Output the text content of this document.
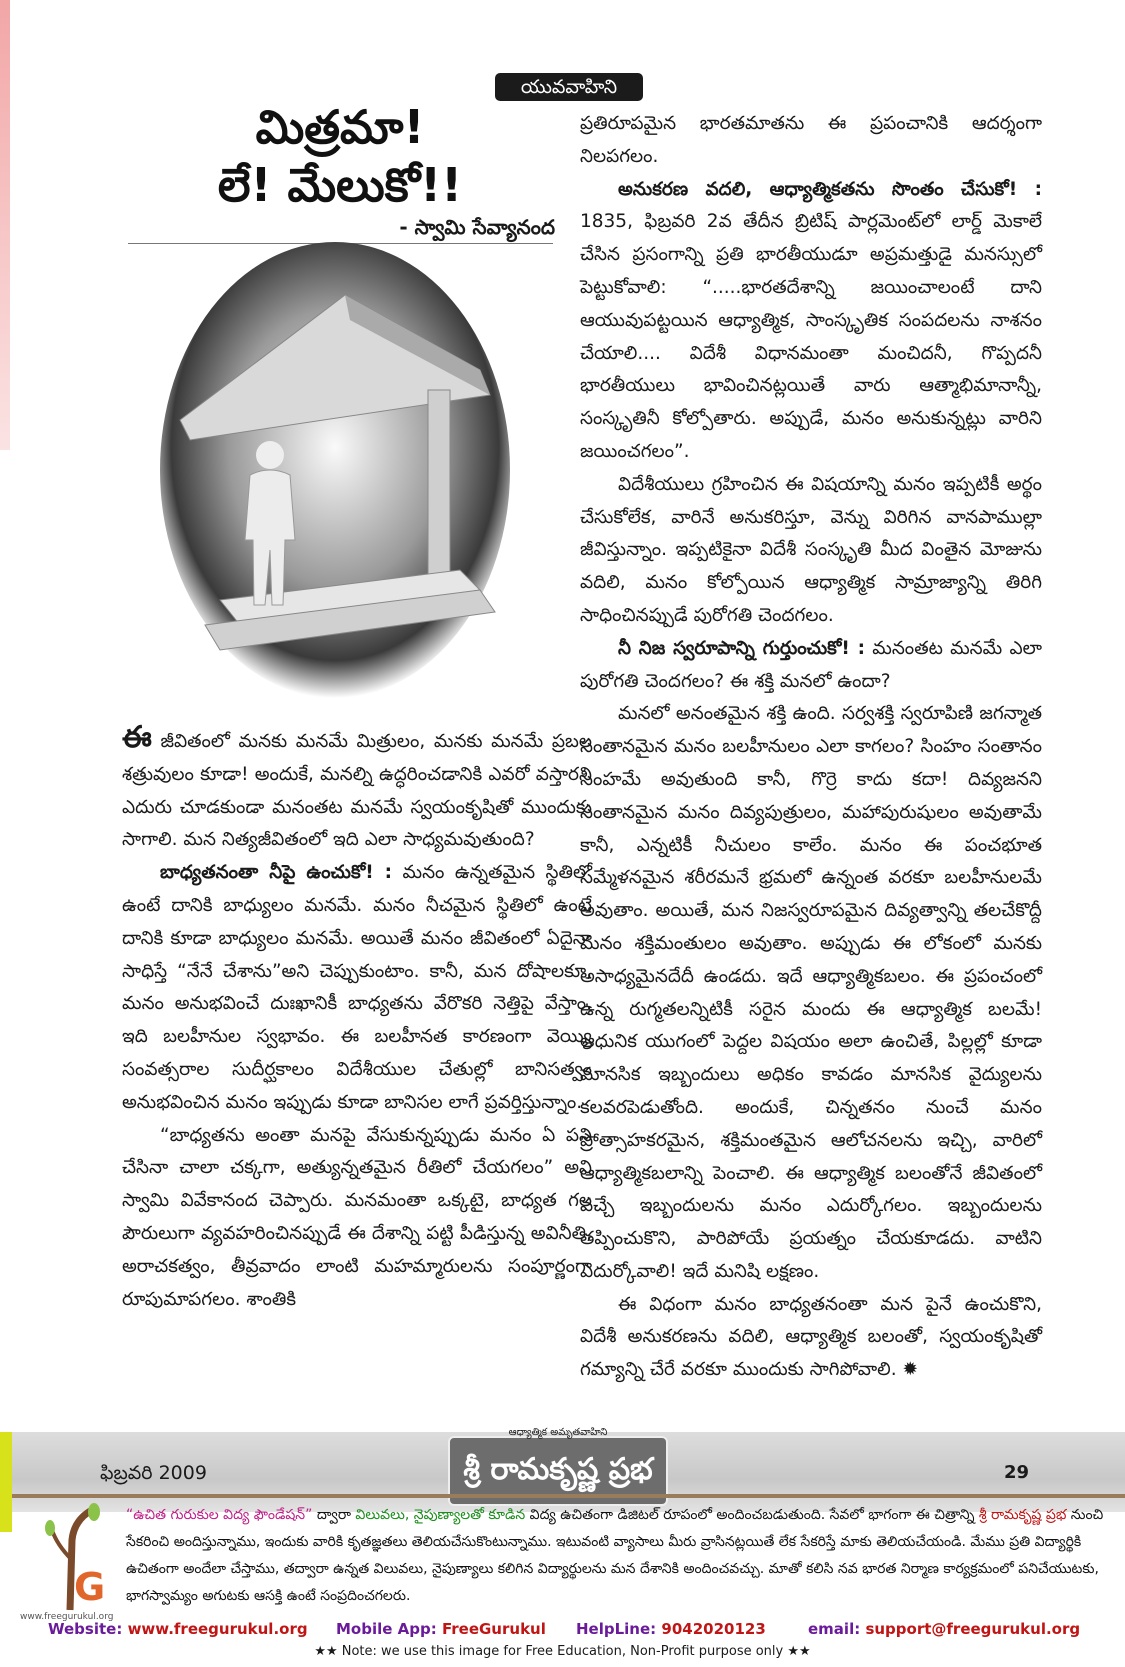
యువవాహిని
మిత్రమా!
లే! మేలుకో!!
- స్వామి సేవ్యానంద

ఈ జీవితంలో మనకు మనమే మిత్రులం, మనకు మనమే ప్రబల శత్రువులం కూడా! అందుకే, మనల్ని ఉద్ధరించడానికి ఎవరో వస్తారని ఎదురు చూడకుండా మనంతట మనమే స్వయంకృషితో ముందుకు సాగాలి. మన నిత్యజీవితంలో ఇది ఎలా సాధ్యమవుతుంది?

బాధ్యతనంతా నీపై ఉంచుకో! : మనం ఉన్నతమైన స్థితిలో ఉంటే దానికి బాధ్యులం మనమే. మనం నీచమైన స్థితిలో ఉంటే దానికి కూడా బాధ్యులం మనమే. అయితే మనం జీవితంలో ఏదైనా సాధిస్తే “నేనే చేశాను”అని చెప్పుకుంటాం. కానీ, మన దోషాలకూ, మనం అనుభవించే దుఃఖానికీ బాధ్యతను వేరొకరి నెత్తిపై వేస్తాం. ఇది బలహీనుల స్వభావం. ఈ బలహీనత కారణంగా వెయ్యి సంవత్సరాల సుదీర్ఘకాలం విదేశీయుల చేతుల్లో బానిసత్వం అనుభవించిన మనం ఇప్పుడు కూడా బానిసల లాగే ప్రవర్తిస్తున్నాం.

“బాధ్యతను అంతా మనపై వేసుకున్నప్పుడు మనం ఏ పని చేసినా చాలా చక్కగా, అత్యున్నతమైన రీతిలో చేయగలం” అని స్వామి వివేకానంద చెప్పారు. మనమంతా ఒక్కటై, బాధ్యత గల పౌరులుగా వ్యవహరించినప్పుడే ఈ దేశాన్ని పట్టి పీడిస్తున్న అవినీతి, అరాచకత్వం, తీవ్రవాదం లాంటి మహమ్మారులను సంపూర్ణంగా రూపుమాపగలం. శాంతికి

ప్రతిరూపమైన భారతమాతను ఈ ప్రపంచానికి ఆదర్శంగా నిలపగలం.

అనుకరణ వదలి, ఆధ్యాత్మికతను సొంతం చేసుకో! : 1835, ఫిబ్రవరి 2వ తేదీన బ్రిటిష్ పార్లమెంట్‌లో లార్డ్ మెకాలే చేసిన ప్రసంగాన్ని ప్రతి భారతీయుడూ అప్రమత్తుడై మనస్సులో పెట్టుకోవాలి: “.....భారతదేశాన్ని జయించాలంటే దాని ఆయువుపట్టయిన ఆధ్యాత్మిక, సాంస్కృతిక సంపదలను నాశనం చేయాలి.... విదేశీ విధానమంతా మంచిదనీ, గొప్పదనీ భారతీయులు భావించినట్లయితే వారు ఆత్మాభిమానాన్నీ, సంస్కృతినీ కోల్పోతారు. అప్పుడే, మనం అనుకున్నట్లు వారిని జయించగలం”.

విదేశీయులు గ్రహించిన ఈ విషయాన్ని మనం ఇప్పటికీ అర్థం చేసుకోలేక, వారినే అనుకరిస్తూ, వెన్ను విరిగిన వానపాముల్లా జీవిస్తున్నాం. ఇప్పటికైనా విదేశీ సంస్కృతి మీద వింతైన మోజును వదిలి, మనం కోల్పోయిన ఆధ్యాత్మిక సామ్రాజ్యాన్ని తిరిగి సాధించినప్పుడే పురోగతి చెందగలం.

నీ నిజ స్వరూపాన్ని గుర్తుంచుకో! : మనంతట మనమే ఎలా పురోగతి చెందగలం? ఈ శక్తి మనలో ఉందా?

మనలో అనంతమైన శక్తి ఉంది. సర్వశక్తి స్వరూపిణి జగన్మాత సంతానమైన మనం బలహీనులం ఎలా కాగలం? సింహం సంతానం సింహమే అవుతుంది కానీ, గొర్రె కాదు కదా! దివ్యజనని సంతానమైన మనం దివ్యపుత్రులం, మహాపురుషులం అవుతామే కానీ, ఎన్నటికీ నీచులం కాలేం. మనం ఈ పంచభూత సమ్మేళనమైన శరీరమనే భ్రమలో ఉన్నంత వరకూ బలహీనులమే అవుతాం. అయితే, మన నిజస్వరూపమైన దివ్యత్వాన్ని తలచేకొద్దీ మనం శక్తిమంతులం అవుతాం. అప్పుడు ఈ లోకంలో మనకు అసాధ్యమైనదేదీ ఉండదు. ఇదే ఆధ్యాత్మికబలం. ఈ ప్రపంచంలో ఉన్న రుగ్మతలన్నిటికీ సరైన మందు ఈ ఆధ్యాత్మిక బలమే! ఆధునిక యుగంలో పెద్దల విషయం అలా ఉంచితే, పిల్లల్లో కూడా మానసిక ఇబ్బందులు అధికం కావడం మానసిక వైద్యులను కలవరపెడుతోంది. అందుకే, చిన్నతనం నుంచే మనం ప్రోత్సాహకరమైన, శక్తిమంతమైన ఆలోచనలను ఇచ్చి, వారిలో ఆధ్యాత్మికబలాన్ని పెంచాలి. ఈ ఆధ్యాత్మిక బలంతోనే జీవితంలో వచ్చే ఇబ్బందులను మనం ఎదుర్కోగలం. ఇబ్బందులను తప్పించుకొని, పారిపోయే ప్రయత్నం చేయకూడదు. వాటిని ఎదుర్కోవాలి! ఇదే మనిషి లక్షణం.

ఈ విధంగా మనం బాధ్యతనంతా మన పైనే ఉంచుకొని, విదేశీ అనుకరణను వదిలి, ఆధ్యాత్మిక బలంతో, స్వయంకృషితో గమ్యాన్ని చేరే వరకూ ముందుకు సాగిపోవాలి. ✹

ఫిబ్రవరి 2009
ఆధ్యాత్మిక అమృతవాహిని
శ్రీ రామకృష్ణ ప్రభ	29
G
www.freegurukul.org
“ఉచిత గురుకుల విద్య ఫౌండేషన్” ద్వారా విలువలు, నైపుణ్యాలతో కూడిన విద్య ఉచితంగా డిజిటల్ రూపంలో అందించబడుతుంది. సేవలో భాగంగా ఈ చిత్రాన్ని శ్రీ రామకృష్ణ ప్రభ నుంచి సేకరించి అందిస్తున్నాము, ఇందుకు వారికి కృతజ్ఞతలు తెలియచేసుకొంటున్నాము. ఇటువంటి వ్యాసాలు మీరు వ్రాసినట్లయితే లేక సేకరిస్తే మాకు తెలియచేయండి. మేము ప్రతి విద్యార్థికి ఉచితంగా అందేలా చేస్తాము, తద్వారా ఉన్నత విలువలు, నైపుణ్యాలు కలిగిన విద్యార్థులను మన దేశానికి అందించవచ్చు. మాతో కలిసి నవ భారత నిర్మాణ కార్యక్రమంలో పనిచేయుటకు, భాగస్వామ్యం అగుటకు ఆసక్తి ఉంటే సంప్రదించగలరు.
Website: www.freegurukul.org Mobile App: FreeGurukul HelpLine: 9042020123	email: support@freegurukul.org
★★ Note: we use this image for Free Education, Non-Profit purpose only ★★
